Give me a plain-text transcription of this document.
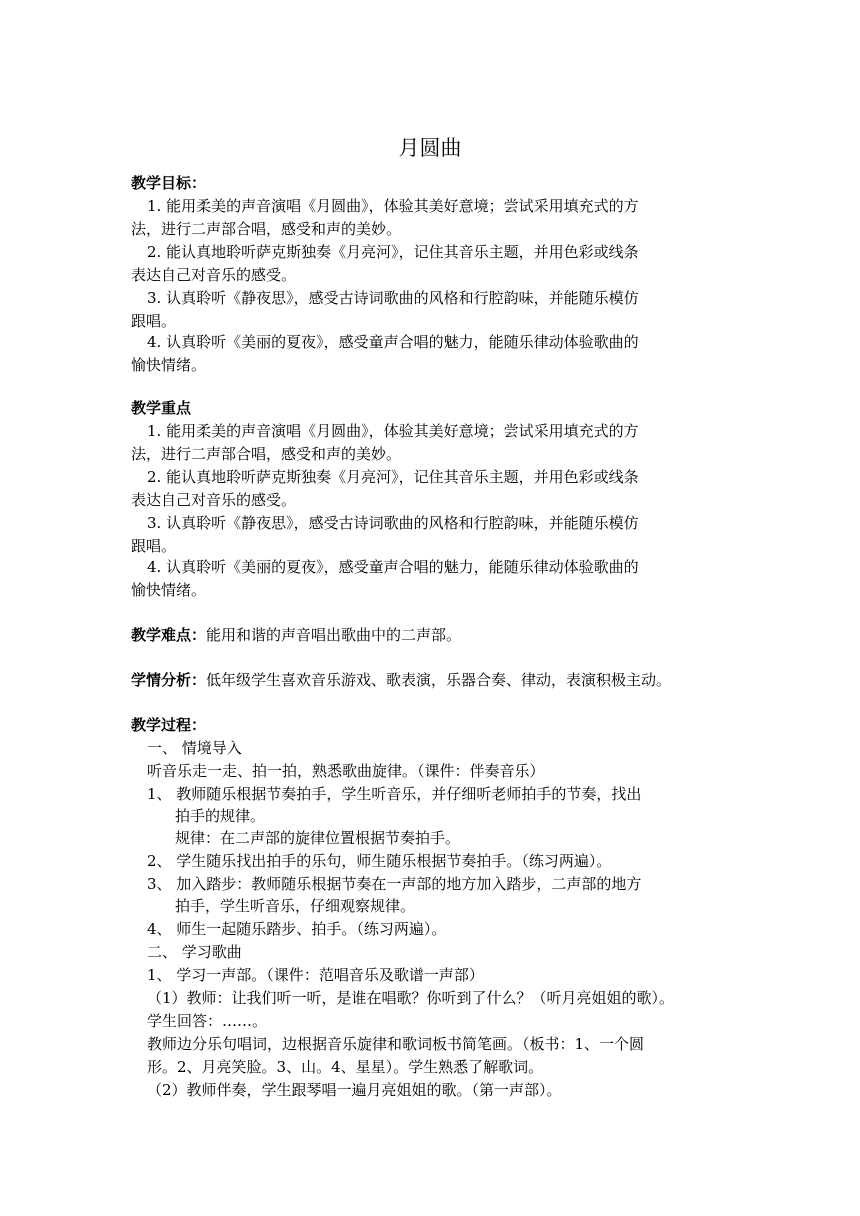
月圆曲
教学目标：
1. 能用柔美的声音演唱《月圆曲》，体验其美好意境；尝试采用填充式的方
法，进行二声部合唱，感受和声的美妙。
2. 能认真地聆听萨克斯独奏《月亮河》，记住其音乐主题，并用色彩或线条
表达自己对音乐的感受。
3. 认真聆听《静夜思》，感受古诗词歌曲的风格和行腔韵味，并能随乐模仿
跟唱。
4. 认真聆听《美丽的夏夜》，感受童声合唱的魅力，能随乐律动体验歌曲的
愉快情绪。
教学重点
1. 能用柔美的声音演唱《月圆曲》，体验其美好意境；尝试采用填充式的方
法，进行二声部合唱，感受和声的美妙。
2. 能认真地聆听萨克斯独奏《月亮河》，记住其音乐主题，并用色彩或线条
表达自己对音乐的感受。
3. 认真聆听《静夜思》，感受古诗词歌曲的风格和行腔韵味，并能随乐模仿
跟唱。
4. 认真聆听《美丽的夏夜》，感受童声合唱的魅力，能随乐律动体验歌曲的
愉快情绪。
教学难点：能用和谐的声音唱出歌曲中的二声部。
学情分析：低年级学生喜欢音乐游戏、歌表演，乐器合奏、律动，表演积极主动。
教学过程：
一、 情境导入
听音乐走一走、拍一拍，熟悉歌曲旋律。（课件：伴奏音乐）
1、 教师随乐根据节奏拍手，学生听音乐，并仔细听老师拍手的节奏，找出
拍手的规律。
规律：在二声部的旋律位置根据节奏拍手。
2、 学生随乐找出拍手的乐句，师生随乐根据节奏拍手。（练习两遍）。
3、 加入踏步：教师随乐根据节奏在一声部的地方加入踏步，二声部的地方
拍手，学生听音乐，仔细观察规律。
4、 师生一起随乐踏步、拍手。（练习两遍）。
二、 学习歌曲
1、 学习一声部。（课件：范唱音乐及歌谱一声部）
（1）教师：让我们听一听，是谁在唱歌？你听到了什么？（听月亮姐姐的歌）。
学生回答：……。
教师边分乐句唱词，边根据音乐旋律和歌词板书简笔画。（板书：1、一个圆
形。2、月亮笑脸。3、山。4、星星）。学生熟悉了解歌词。
（2）教师伴奏，学生跟琴唱一遍月亮姐姐的歌。（第一声部）。
